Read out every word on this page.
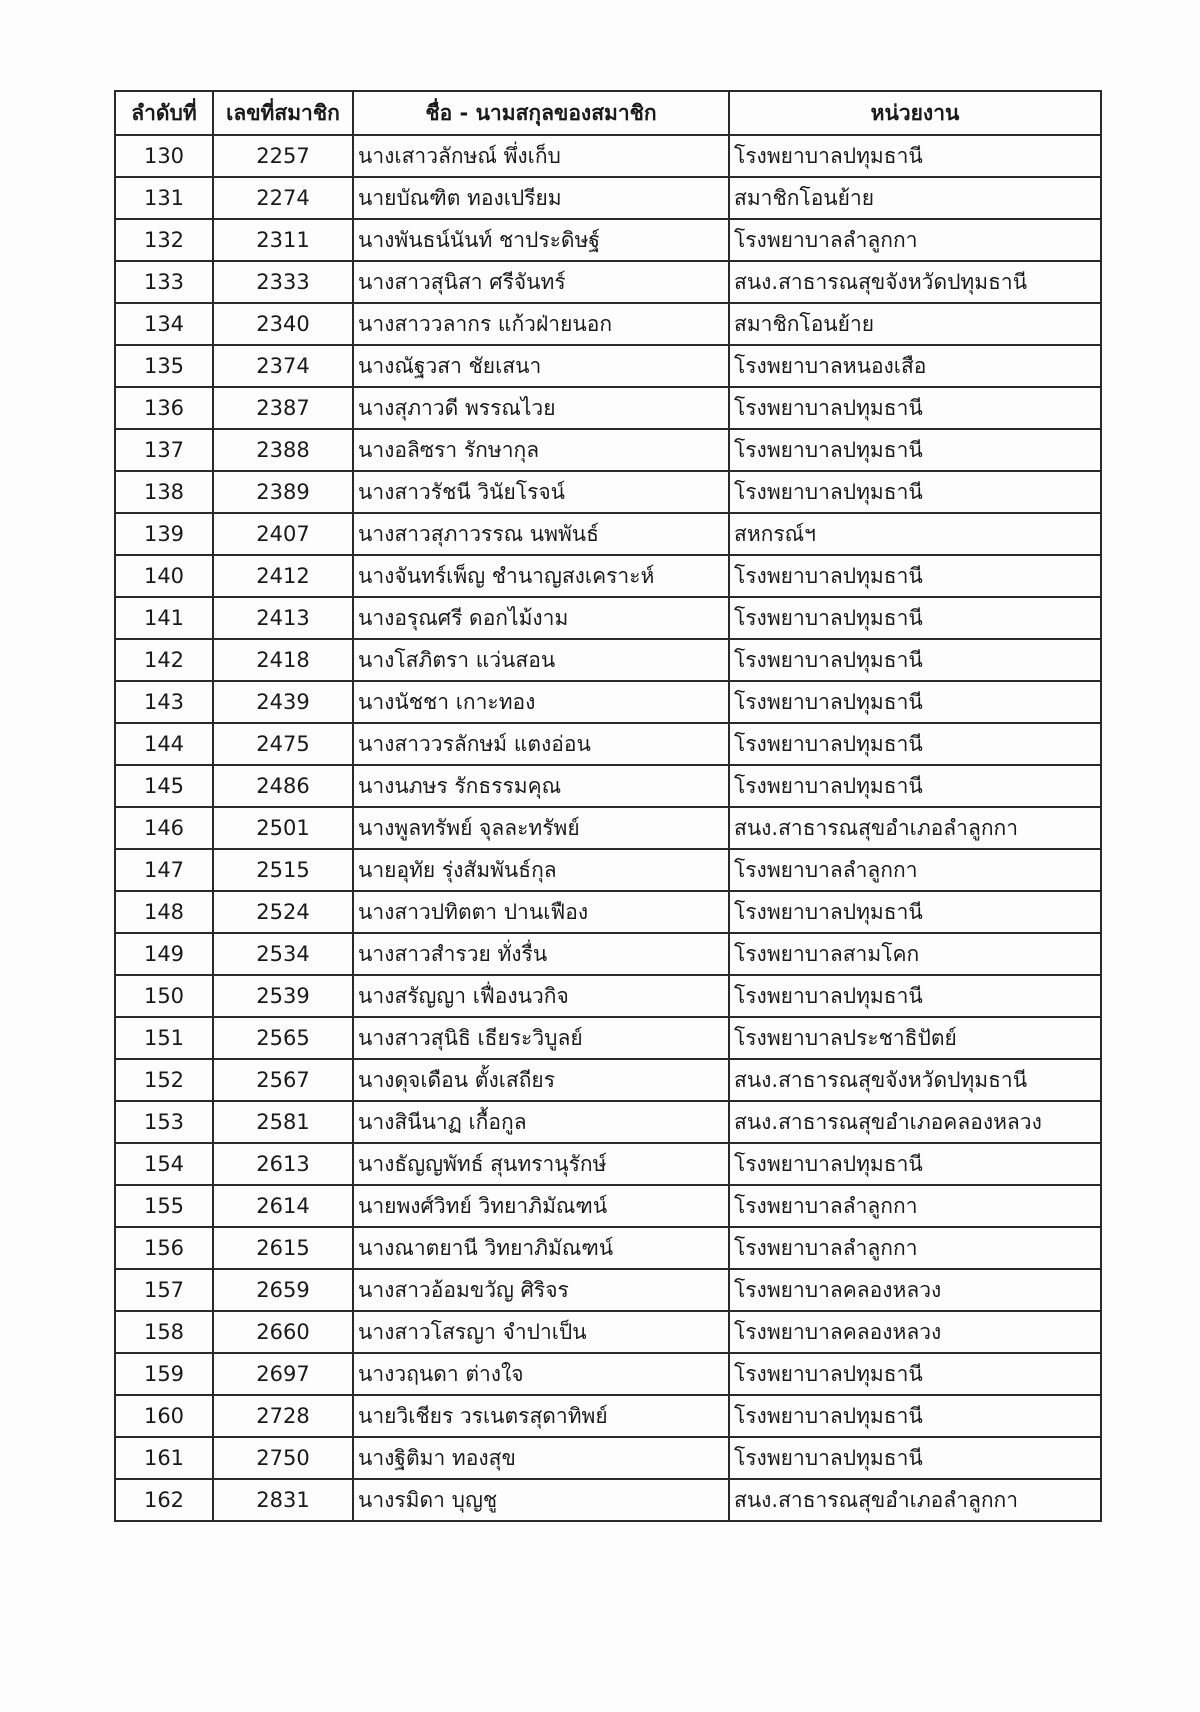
ลำดับที่	เลขที่สมาชิก	ชื่อ - นามสกุลของสมาชิก	หน่วยงาน
130	2257	นางเสาวลักษณ์ พึ่งเก็บ	โรงพยาบาลปทุมธานี
131	2274	นายบัณฑิต ทองเปรียม	สมาชิกโอนย้าย
132	2311	นางพันธน์นันท์ ชาประดิษฐ์	โรงพยาบาลลำลูกกา
133	2333	นางสาวสุนิสา ศรีจันทร์	สนง.สาธารณสุขจังหวัดปทุมธานี
134	2340	นางสาววลากร แก้วฝ่ายนอก	สมาชิกโอนย้าย
135	2374	นางณัฐวสา ชัยเสนา	โรงพยาบาลหนองเสือ
136	2387	นางสุภาวดี พรรณไวย	โรงพยาบาลปทุมธานี
137	2388	นางอลิซรา รักษากุล	โรงพยาบาลปทุมธานี
138	2389	นางสาวรัชนี วินัยโรจน์	โรงพยาบาลปทุมธานี
139	2407	นางสาวสุภาวรรณ นพพันธ์	สหกรณ์ฯ
140	2412	นางจันทร์เพ็ญ ชำนาญสงเคราะห์	โรงพยาบาลปทุมธานี
141	2413	นางอรุณศรี ดอกไม้งาม	โรงพยาบาลปทุมธานี
142	2418	นางโสภิตรา แว่นสอน	โรงพยาบาลปทุมธานี
143	2439	นางนัชชา เกาะทอง	โรงพยาบาลปทุมธานี
144	2475	นางสาววรลักษม์ แตงอ่อน	โรงพยาบาลปทุมธานี
145	2486	นางนภษร รักธรรมคุณ	โรงพยาบาลปทุมธานี
146	2501	นางพูลทรัพย์ จุลละทรัพย์	สนง.สาธารณสุขอำเภอลำลูกกา
147	2515	นายอุทัย รุ่งสัมพันธ์กุล	โรงพยาบาลลำลูกกา
148	2524	นางสาวปทิตตา ปานเฟือง	โรงพยาบาลปทุมธานี
149	2534	นางสาวสำรวย ทั่งรื่น	โรงพยาบาลสามโคก
150	2539	นางสรัญญา เฟื่องนวกิจ	โรงพยาบาลปทุมธานี
151	2565	นางสาวสุนิธิ เธียระวิบูลย์	โรงพยาบาลประชาธิปัตย์
152	2567	นางดุจเดือน ตั้งเสถียร	สนง.สาธารณสุขจังหวัดปทุมธานี
153	2581	นางสินีนาฏ เกื้อกูล	สนง.สาธารณสุขอำเภอคลองหลวง
154	2613	นางธัญญพัทธ์ สุนทรานุรักษ์	โรงพยาบาลปทุมธานี
155	2614	นายพงศ์วิทย์ วิทยาภิมัณฑน์	โรงพยาบาลลำลูกกา
156	2615	นางณาตยานี วิทยาภิมัณฑน์	โรงพยาบาลลำลูกกา
157	2659	นางสาวอ้อมขวัญ ศิริจร	โรงพยาบาลคลองหลวง
158	2660	นางสาวโสรญา จำปาเป็น	โรงพยาบาลคลองหลวง
159	2697	นางวฤนดา ต่างใจ	โรงพยาบาลปทุมธานี
160	2728	นายวิเชียร วรเนตรสุดาทิพย์	โรงพยาบาลปทุมธานี
161	2750	นางฐิติมา ทองสุข	โรงพยาบาลปทุมธานี
162	2831	นางรมิดา บุญชู	สนง.สาธารณสุขอำเภอลำลูกกา
